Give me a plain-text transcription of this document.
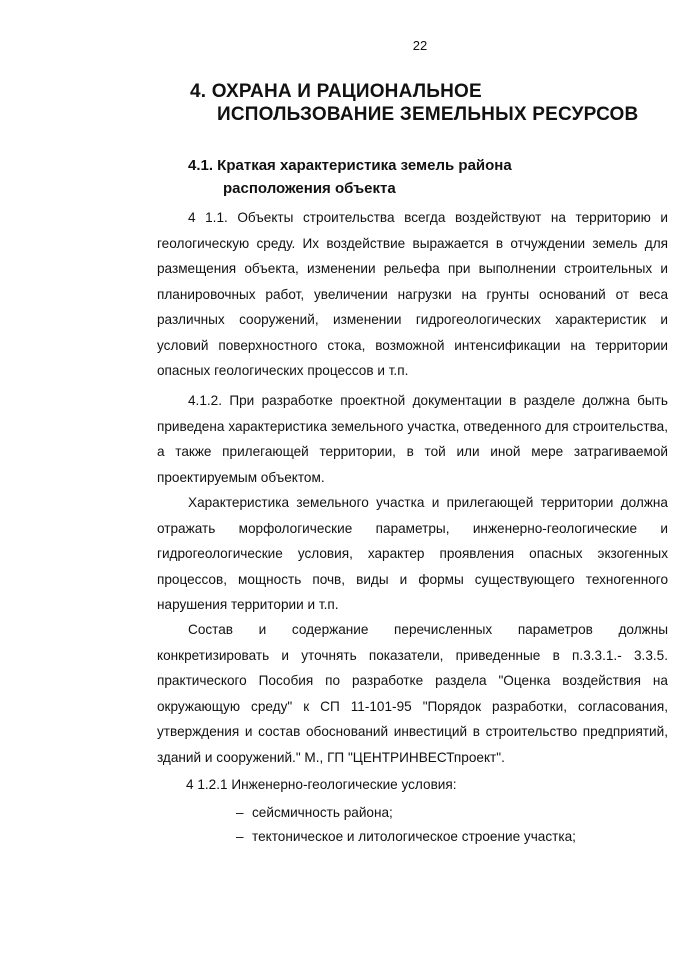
22
4. ОХРАНА И РАЦИОНАЛЬНОЕ
ИСПОЛЬЗОВАНИЕ ЗЕМЕЛЬНЫХ РЕСУРСОВ
4.1. Краткая характеристика земель района
расположения объекта

4 1.1. Объекты строительства всегда воздействуют на территорию и геологическую среду. Их воздействие выражается в отчуждении земель для размещения объекта, изменении рельефа при выполнении строительных и планировочных работ, увеличении нагрузки на грунты оснований от веса различных сооружений, изменении гидрогеологических характеристик и условий поверхностного стока, возможной интенсификации на территории опасных геологических процессов и т.п.

4.1.2. При разработке проектной документации в разделе должна быть приведена характеристика земельного участка, отведенного для строительства, а также прилегающей территории, в той или иной мере затрагиваемой проектируемым объектом.

Характеристика земельного участка и прилегающей территории должна отражать морфологические параметры, инженерно-геологические и гидрогеологические условия, характер проявления опасных экзогенных процессов, мощность почв, виды и формы существующего техногенного нарушения территории и т.п.

Состав и содержание перечисленных параметров должны конкретизировать и уточнять показатели, приведенные в п.3.3.1.- 3.3.5. практического Пособия по разработке раздела "Оценка воздействия на окружающую среду" к СП 11-101-95 "Порядок разработки, согласования, утверждения и состав обоснований инвестиций в строительство предприятий, зданий и сооружений." М., ГП "ЦЕНТРИНВЕСТпроект".

4 1.2.1 Инженерно-геологические условия:
– сейсмичность района;
– тектоническое и литологическое строение участка;
